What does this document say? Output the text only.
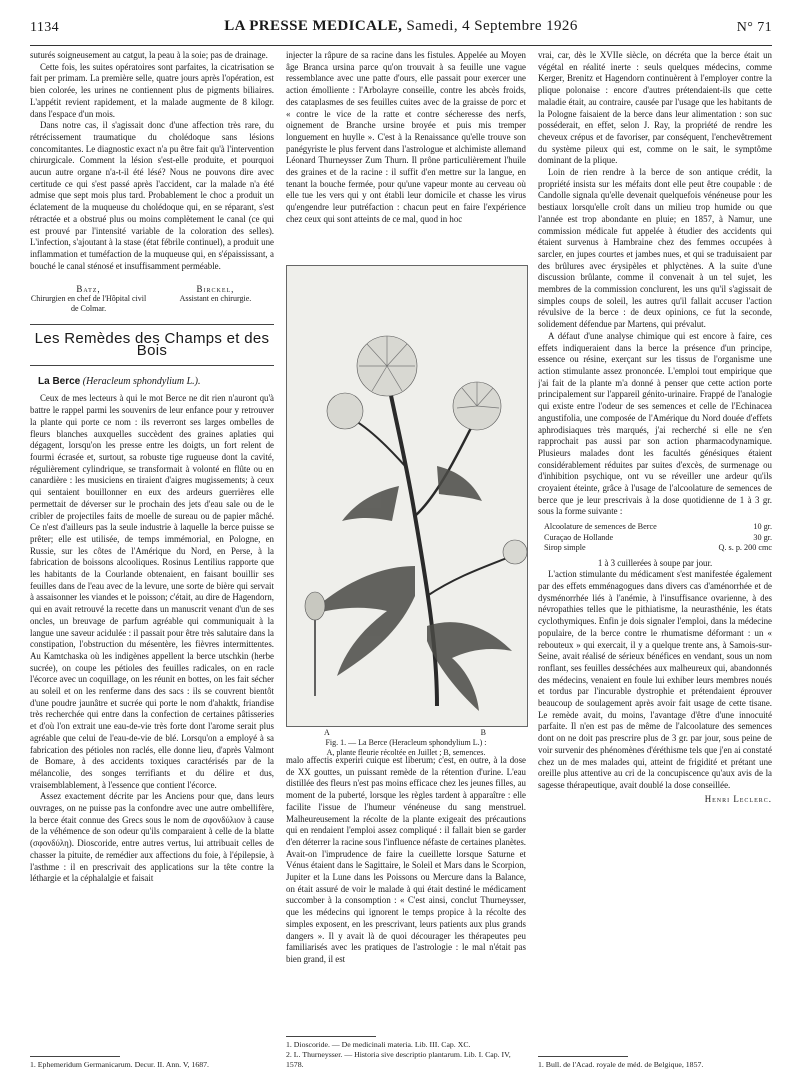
1134	LA PRESSE MEDICALE, Samedi, 4 Septembre 1926	N° 71

suturés soigneusement au catgut, la peau à la soie; pas de drainage.

Cette fois, les suites opératoires sont parfaites, la cicatrisation se fait per primam. La première selle, quatre jours après l'opération, est bien colorée, les urines ne contiennent plus de pigments biliaires. L'appétit revient rapidement, et la malade augmente de 8 kilogr. dans l'espace d'un mois.

Dans notre cas, il s'agissait donc d'une affection très rare, du rétrécissement traumatique du cholédoque sans lésions concomitantes. Le diagnostic exact n'a pu être fait qu'à l'intervention chirurgicale. Comment la lésion s'est-elle produite, et pourquoi aucun autre organe n'a-t-il été lésé? Nous ne pouvons dire avec certitude ce qui s'est passé après l'accident, car la malade n'a été admise que sept mois plus tard. Probablement le choc a produit un éclatement de la muqueuse du cholédoque qui, en se réparant, s'est rétractée et a obstrué plus ou moins complètement le canal (ce qui est prouvé par l'intensité variable de la coloration des selles). L'infection, s'ajoutant à la stase (état fébrile continuel), a produit une inflammation et tuméfaction de la muqueuse qui, en s'épaississant, a bouché le canal sténosé et insuffisamment perméable.

Batz,
Chirurgien en chef de l'Hôpital civil de Colmar.
Birckel,
Assistant en chirurgie.
Les Remèdes des Champs et des Bois
La Berce (Heracleum sphondylium L.).

Ceux de mes lecteurs à qui le mot Berce ne dit rien n'auront qu'à battre le rappel parmi les souvenirs de leur enfance pour y retrouver la plante qui porte ce nom : ils reverront ses larges ombelles de fleurs blanches auxquelles succèdent des graines aplaties qui dégagent, lorsqu'on les presse entre les doigts, un fort relent de fourmi écrasée et, surtout, sa robuste tige rugueuse dont la cavité, régulièrement cylindrique, se transformait à volonté en flûte ou en canardière : les musiciens en tiraient d'aigres mugissements; à ceux qui sentaient bouillonner en eux des ardeurs guerrières elle permettait de déverser sur le prochain des jets d'eau sale ou de le cribler de projectiles faits de moelle de sureau ou de papier mâché. Ce n'est d'ailleurs pas la seule industrie à laquelle la berce puisse se prêter; elle est utilisée, de temps immémorial, en Pologne, en Russie, sur les côtes de l'Amérique du Nord, en Perse, à la fabrication de boissons alcooliques. Rosinus Lentilius rapporte que les habitants de la Courlande obtenaient, en faisant bouillir ses feuilles dans de l'eau avec de la levure, une sorte de bière qui servait à assaisonner les viandes et le poisson; c'était, au dire de Hagendorn, qui en avait retrouvé la recette dans un manuscrit venant d'un de ses oncles, un breuvage de parfum agréable qui communiquait à la langue une saveur acidulée : il passait pour être très salutaire dans la constipation, l'obstruction du mésentère, les fièvres intermittentes. Au Kamtchaska où les indigènes appellent la berce utschkin (herbe sucrée), on coupe les pétioles des feuilles radicales, on en racle l'écorce avec un coquillage, on les réunit en bottes, on les fait sécher au soleil et on les renferme dans des sacs : ils se couvrent bientôt d'une poudre jaunâtre et sucrée qui porte le nom d'ahaktk, friandise très recherchée qui entre dans la confection de certaines pâtisseries et d'où l'on extrait une eau-de-vie très forte dont l'arome serait plus agréable que celui de l'eau-de-vie de blé. Lorsqu'on a employé à sa fabrication des pétioles non raclés, elle donne lieu, d'après Valmont de Bomare, à des accidents toxiques caractérisés par de la mélancolie, des songes terrifiants et du délire et dus, vraisemblablement, à l'essence que contient l'écorce.

Assez exactement décrite par les Anciens pour que, dans leurs ouvrages, on ne puisse pas la confondre avec une autre ombellifère, la berce était connue des Grecs sous le nom de σφονδύλιον à cause de la véhémence de son odeur qu'ils comparaient à celle de la blatte (σφονδύλη). Dioscoride, entre autres vertus, lui attribuait celles de chasser la pituite, de remédier aux affections du foie, à l'épilepsie, à l'asthme : il en prescrivait des applications sur la tête contre la léthargie et la céphalalgie et faisait

1. Ephemeridum Germanicarum. Decur. II. Ann. V, 1687.

injecter la râpure de sa racine dans les fistules. Appelée au Moyen âge Branca ursina parce qu'on trouvait à sa feuille une vague ressemblance avec une patte d'ours, elle passait pour exercer une action émolliente : l'Arbolayre conseille, contre les abcès froids, des cataplasmes de ses feuilles cuites avec de la graisse de porc et « contre le vice de la ratte et contre sécheresse des nerfs, oignement de Branche ursine broyée et puis mis tremper longuement en huylle ». C'est à la Renaissance qu'elle trouve son panégyriste le plus fervent dans l'astrologue et alchimiste allemand Léonard Thurneysser Zum Thurn. Il prône particulièrement l'huile des graines et de la racine : il suffit d'en mettre sur la langue, en tenant la bouche fermée, pour qu'une vapeur monte au cerveau où elle tue les vers qui y ont établi leur domicile et chasse les virus qu'engendre leur putréfaction : chacun peut en faire l'expérience chez ceux qui sont atteints de ce mal, quod in hoc

A	B
Fig. 1. — La Berce (Heracleum sphondylium L.) :
A, plante fleurie récoltée en Juillet ; B, semences.

malo affectis experiri cuique est liberum; c'est, en outre, à la dose de XX gouttes, un puissant remède de la rétention d'urine. L'eau distillée des fleurs n'est pas moins efficace chez les jeunes filles, au moment de la puberté, lorsque les règles tardent à apparaître : elle facilite l'issue de l'humeur vénéneuse du sang menstruel. Malheureusement la récolte de la plante exigeait des précautions qui en rendaient l'emploi assez compliqué : il fallait bien se garder d'en déterrer la racine sous l'influence néfaste de certaines planètes. Avait-on l'imprudence de faire la cueillette lorsque Saturne et Vénus étaient dans le Sagittaire, le Soleil et Mars dans le Scorpion, Jupiter et la Lune dans les Poissons ou Mercure dans la Balance, on était assuré de voir le malade à qui était destiné le médicament succomber à la consomption : « C'est ainsi, conclut Thurneysser, que les médecins qui ignorent le temps propice à la récolte des simples exposent, en les prescrivant, leurs patients aux plus grands dangers ». Il y avait là de quoi décourager les thérapeutes peu familiarisés avec les pratiques de l'astrologie : le mal n'était pas bien grand, il est

1. Dioscoride. — De medicinali materia. Lib. III. Cap. XC.
2. L. Thurneysser. — Historia sive descriptio plantarum. Lib. I. Cap. IV, 1578.

vrai, car, dès le XVIIe siècle, on décréta que la berce était un végétal en réalité inerte : seuls quelques médecins, comme Kerger, Brenitz et Hagendorn continuèrent à l'employer contre la plique polonaise : encore d'autres prétendaient-ils que cette maladie était, au contraire, causée par l'usage que les habitants de la Pologne faisaient de la berce dans leur alimentation : son suc posséderait, en effet, selon J. Ray, la propriété de rendre les cheveux crépus et de favoriser, par conséquent, l'enchevêtrement du système pileux qui est, comme on le sait, le symptôme dominant de la plique.

Loin de rien rendre à la berce de son antique crédit, la propriété insista sur les méfaits dont elle peut être coupable : de Candolle signala qu'elle devenait quelquefois vénéneuse pour les bestiaux lorsqu'elle croît dans un milieu trop humide ou que l'année est trop abondante en pluie; en 1857, à Namur, une commission médicale fut appelée à étudier des accidents qui étaient survenus à Hambraine chez des femmes occupées à sarcler, en jupes courtes et jambes nues, et qui se traduisaient par des brûlures avec érysipèles et phlyctènes. A la suite d'une discussion brûlante, comme il convenait à un tel sujet, les membres de la commission conclurent, les uns qu'il s'agissait de simples coups de soleil, les autres qu'il fallait accuser l'action révulsive de la berce : de deux opinions, ce fut la seconde, solidement défendue par Martens, qui prévalut.

A défaut d'une analyse chimique qui est encore à faire, ces effets indiqueraient dans la berce la présence d'un principe, essence ou résine, exerçant sur les tissus de l'organisme une action stimulante assez prononcée. L'emploi tout empirique que j'ai fait de la plante m'a donné à penser que cette action porte principalement sur l'appareil génito-urinaire. Frappé de l'analogie qui existe entre l'odeur de ses semences et celle de l'Echinacea angustifolia, une composée de l'Amérique du Nord douée d'effets aphrodisiaques très marqués, j'ai recherché si elle ne s'en rapprochait pas aussi par son action pharmacodynamique. Plusieurs malades dont les facultés génésiques étaient considérablement réduites par suites d'excès, de surmenage ou d'inhibition psychique, ont vu se réveiller une ardeur qu'ils croyaient éteinte, grâce à l'usage de l'alcoolature de semences de berce que je leur prescrivais à la dose quotidienne de 1 à 3 gr. sous la forme suivante :

Alcoolature de semences de Berce	10 gr.
Curaçao de Hollande	30 gr.
Sirop simple	Q. s. p. 200 cmc

1 à 3 cuillerées à soupe par jour.

L'action stimulante du médicament s'est manifestée également par des effets emménagogues dans divers cas d'aménorrhée et de dysménorrhée liés à l'anémie, à l'insuffisance ovarienne, à des névropathies telles que le pithiatisme, la neurasthénie, les états cyclothymiques. Enfin je dois signaler l'emploi, dans la médecine populaire, de la berce contre le rhumatisme déformant : un « reboutеux » qui exercait, il y a quelque trente ans, à Samois-sur-Seine, avait réalisé de sérieux bénéfices en vendant, sous un nom ronflant, ses feuilles desséchées aux malheureux qui, abandonnés des médecins, venaient en foule lui exhiber leurs membres noués et tordus par l'incurable dystrophie et prétendaient éprouver beaucoup de soulagement après avoir fait usage de cette tisane. Le remède avait, du moins, l'avantage d'être d'une innocuité parfaite. Il n'en est pas de même de l'alcoolature des semences dont on ne doit pas prescrire plus de 3 gr. par jour, sous peine de voir survenir des phénomènes d'éréthisme tels que j'en ai constaté chez un de mes malades qui, atteint de frigidité et prétant une oreille plus attentive au cri de la concupiscence qu'aux avis de la sagesse thérapeutique, avait doublé la dose conseillée.

Henri Leclerc.
1. Bull. de l'Acad. royale de méd. de Belgique, 1857.
